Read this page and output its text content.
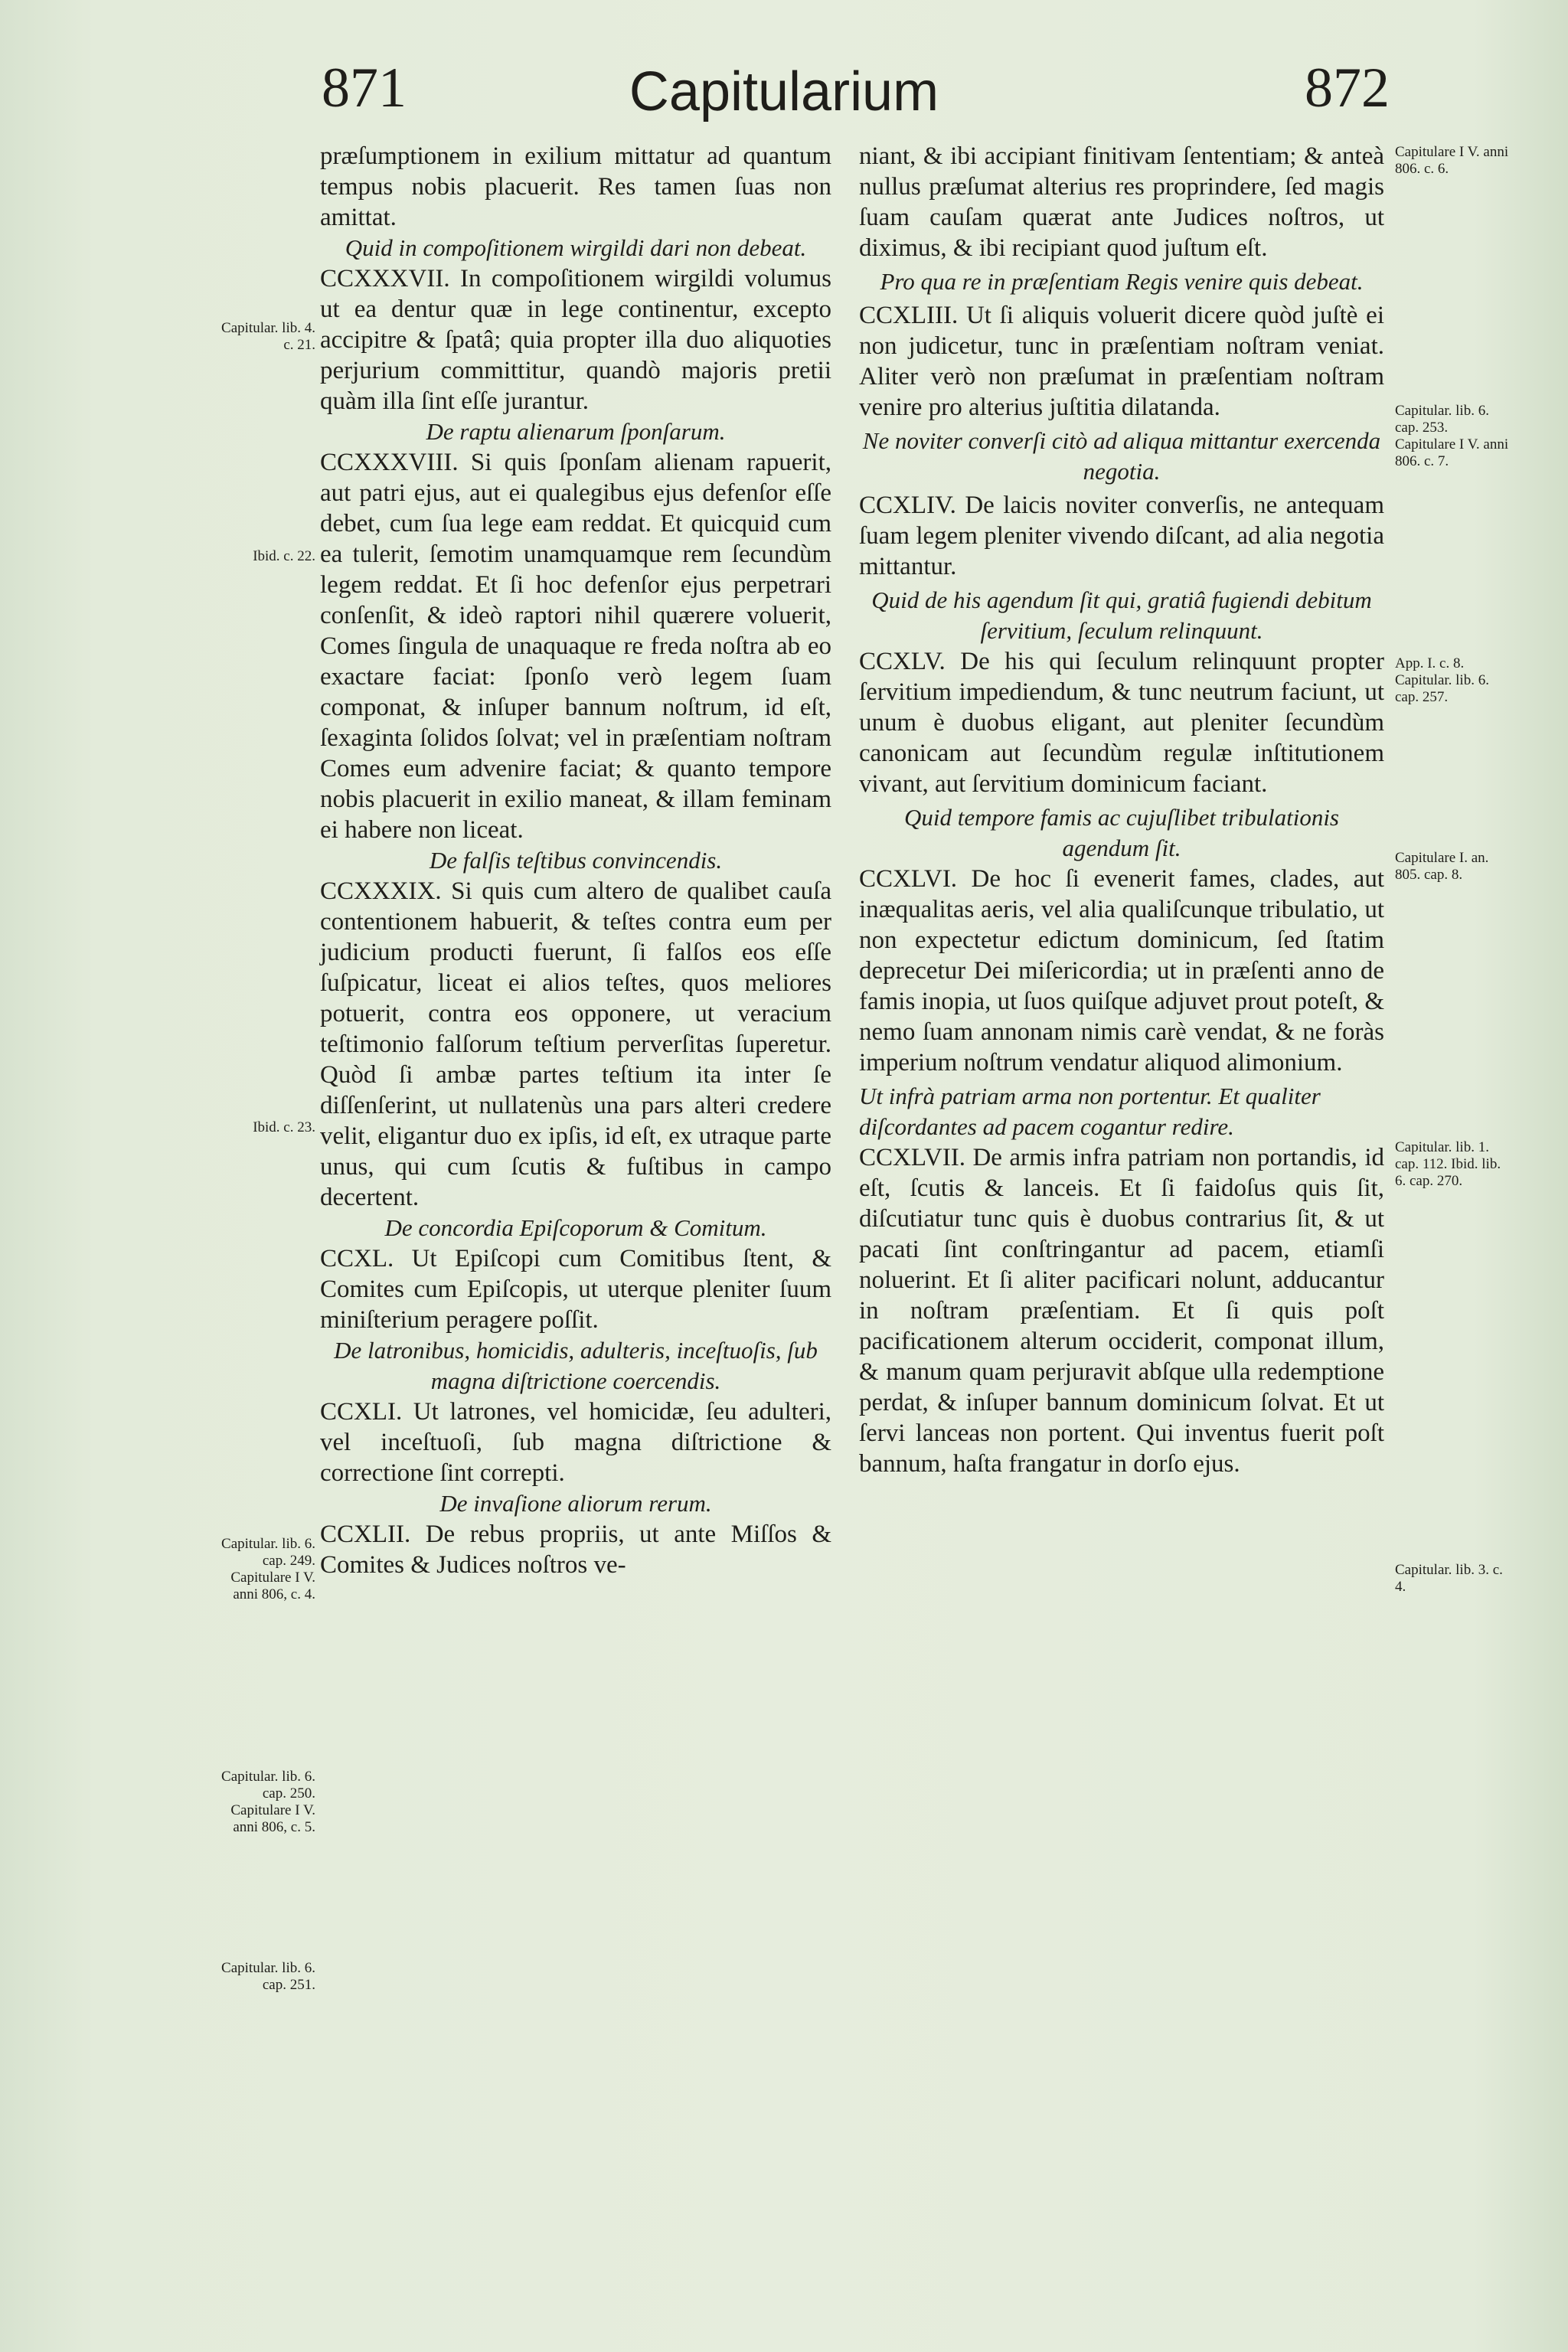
871	Capitularium	872

præſumptionem in exilium mittatur ad quantum tempus nobis placuerit. Res tamen ſuas non amittat.

Quid in compoſitionem wirgildi dari non debeat.

CCXXXVII. In compoſitionem wirgildi volumus ut ea dentur quæ in lege continentur, excepto accipitre & ſpatâ; quia propter illa duo aliquoties perjurium committitur, quandò majoris pretii quàm illa ſint eſſe jurantur.

De raptu alienarum ſponſarum.

CCXXXVIII. Si quis ſponſam alienam rapuerit, aut patri ejus, aut ei qualegibus ejus defenſor eſſe debet, cum ſua lege eam reddat. Et quicquid cum ea tulerit, ſemotim unamquamque rem ſecundùm legem reddat. Et ſi hoc defenſor ejus perpetrari conſenſit, & ideò raptori nihil quærere voluerit, Comes ſingula de unaquaque re freda noſtra ab eo exactare faciat: ſponſo verò legem ſuam componat, & inſuper bannum noſtrum, id eſt, ſexaginta ſolidos ſolvat; vel in præſentiam noſtram Comes eum advenire faciat; & quanto tempore nobis placuerit in exilio maneat, & illam feminam ei habere non liceat.

De falſis teſtibus convincendis.

CCXXXIX. Si quis cum altero de qualibet cauſa contentionem habuerit, & teſtes contra eum per judicium producti fuerunt, ſi falſos eos eſſe ſuſpicatur, liceat ei alios teſtes, quos meliores potuerit, contra eos opponere, ut veracium teſtimonio falſorum teſtium perverſitas ſuperetur. Quòd ſi ambæ partes teſtium ita inter ſe diſſenſerint, ut nullatenùs una pars alteri credere velit, eligantur duo ex ipſis, id eſt, ex utraque parte unus, qui cum ſcutis & fuſtibus in campo decertent.

De concordia Epiſcoporum & Comitum.

CCXL. Ut Epiſcopi cum Comitibus ſtent, & Comites cum Epiſcopis, ut uterque pleniter ſuum miniſterium peragere poſſit.

De latronibus, homicidis, adulteris, inceſtuoſis, ſub magna diſtrictione coercendis.

CCXLI. Ut latrones, vel homicidæ, ſeu adulteri, vel inceſtuoſi, ſub magna diſtrictione & correctione ſint correpti.

De invaſione aliorum rerum.

CCXLII. De rebus propriis, ut ante Miſſos & Comites & Judices noſtros ve-

niant, & ibi accipiant finitivam ſententiam; & anteà nullus præſumat alterius res proprindere, ſed magis ſuam cauſam quærat ante Judices noſtros, ut diximus, & ibi recipiant quod juſtum eſt.

Pro qua re in præſentiam Regis venire quis debeat.

CCXLIII. Ut ſi aliquis voluerit dicere quòd juſtè ei non judicetur, tunc in præſentiam noſtram veniat. Aliter verò non præſumat in præſentiam noſtram venire pro alterius juſtitia dilatanda.

Ne noviter converſi citò ad aliqua mittantur exercenda negotia.

CCXLIV. De laicis noviter converſis, ne antequam ſuam legem pleniter vivendo diſcant, ad alia negotia mittantur.

Quid de his agendum ſit qui, gratiâ fugiendi debitum ſervitium, ſeculum relinquunt.

CCXLV. De his qui ſeculum relinquunt propter ſervitium impediendum, & tunc neutrum faciunt, ut unum è duobus eligant, aut pleniter ſecundùm canonicam aut ſecundùm regulæ inſtitutionem vivant, aut ſervitium dominicum faciant.

Quid tempore famis ac cujuſlibet tribulationis agendum ſit.

CCXLVI. De hoc ſi evenerit fames, clades, aut inæqualitas aeris, vel alia qualiſcunque tribulatio, ut non expectetur edictum dominicum, ſed ſtatim deprecetur Dei miſericordia; ut in præſenti anno de famis inopia, ut ſuos quiſque adjuvet prout poteſt, & nemo ſuam annonam nimis carè vendat, & ne foràs imperium noſtrum vendatur aliquod alimonium.

Ut infrà patriam arma non portentur. Et qualiter diſcordantes ad pacem cogantur redire.

CCXLVII. De armis infra patriam non portandis, id eſt, ſcutis & lanceis. Et ſi faidoſus quis ſit, diſcutiatur tunc quis è duobus contrarius ſit, & ut pacati ſint conſtringantur ad pacem, etiamſi noluerint. Et ſi aliter pacificari nolunt, adducantur in noſtram præſentiam. Et ſi quis poſt pacificationem alterum occiderit, componat illum, & manum quam perjuravit abſque ulla redemptione perdat, & inſuper bannum dominicum ſolvat. Et ut ſervi lanceas non portent. Qui inventus fuerit poſt bannum, haſta frangatur in dorſo ejus.

Capitular. lib. 4. c. 21.
Ibid. c. 22.
Ibid. c. 23.
Capitular. lib. 6. cap. 249. Capitulare I V. anni 806, c. 4.
Capitular. lib. 6. cap. 250. Capitulare I V. anni 806, c. 5.
Capitular. lib. 6. cap. 251.
Capitulare I V. anni 806. c. 6.
Capitular. lib. 6. cap. 253. Capitulare I V. anni 806. c. 7.
App. I. c. 8. Capitular. lib. 6. cap. 257.
Capitulare I. an. 805. cap. 8.
Capitular. lib. 1. cap. 112. Ibid. lib. 6. cap. 270.
Capitular. lib. 3. c. 4.
